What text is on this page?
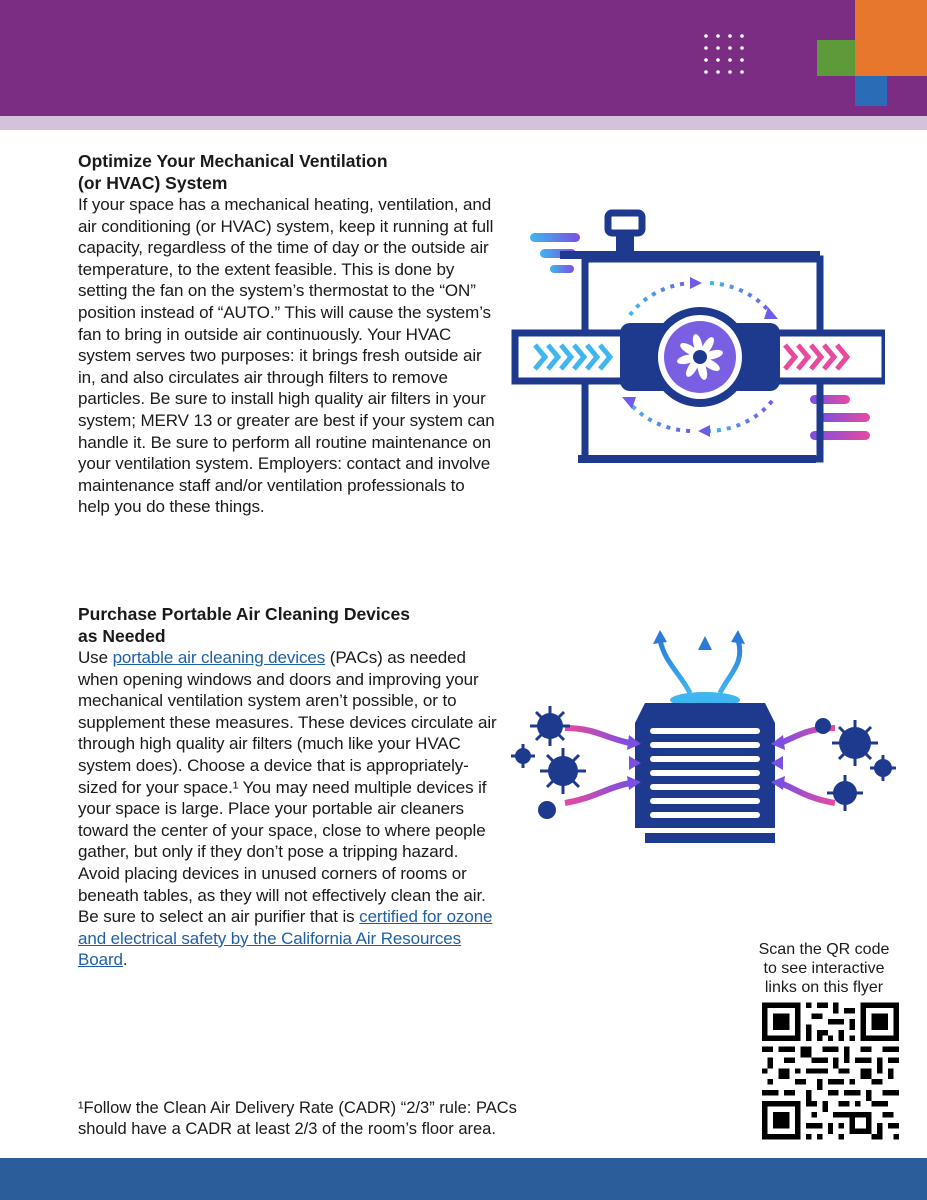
Optimize Your Mechanical Ventilation
(or HVAC) System

If your space has a mechanical heating, ventilation, and air conditioning (or HVAC) system, keep it running at full capacity, regardless of the time of day or the outside air temperature, to the extent feasible. This is done by setting the fan on the system’s thermostat to the “ON” position instead of “AUTO.” This will cause the system’s fan to bring in outside air continuously. Your HVAC system serves two purposes: it brings fresh outside air in, and also circulates air through filters to remove particles. Be sure to install high quality air filters in your system; MERV 13 or greater are best if your system can handle it. Be sure to perform all routine maintenance on your ventilation system. Employers: contact and involve maintenance staff and/or ventilation professionals to help you do these things.

Purchase Portable Air Cleaning Devices
as Needed

Use portable air cleaning devices (PACs) as needed when opening windows and doors and improving your mechanical ventilation system aren’t possible, or to supplement these measures. These devices circulate air through high quality air filters (much like your HVAC system does). Choose a device that is appropriately-sized for your space.¹ You may need multiple devices if your space is large. Place your portable air cleaners toward the center of your space, close to where people gather, but only if they don’t pose a tripping hazard. Avoid placing devices in unused corners of rooms or beneath tables, as they will not effectively clean the air. Be sure to select an air purifier that is certified for ozone and electrical safety by the California Air Resources Board.

Scan the QR code
to see interactive
links on this flyer

¹Follow the Clean Air Delivery Rate (CADR) “2/3” rule: PACs
should have a CADR at least 2/3 of the room’s floor area.
